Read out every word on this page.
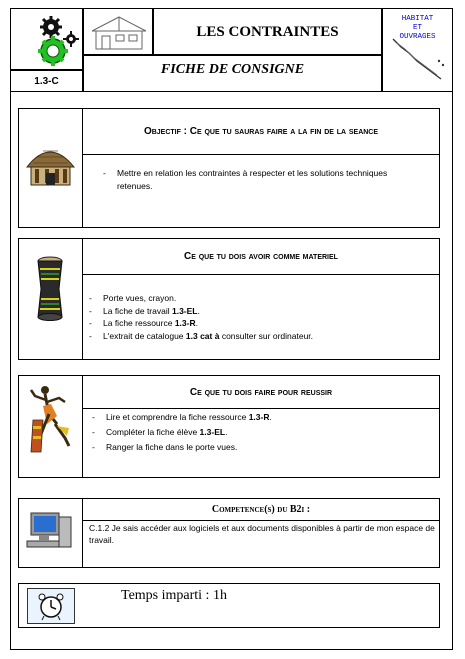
1.3-C
LES CONTRAINTES
HABITAT
ET
OUVRAGES
FICHE DE CONSIGNE
Objectif : Ce que tu sauras faire a la fin de la seance
-	Mettre en relation les contraintes à respecter et les solutions techniques retenues.
Ce que tu dois avoir comme materiel
-	Porte vues, crayon.
-	La fiche de travail 1.3-EL.
-	La fiche ressource 1.3-R.
-	L'extrait de catalogue 1.3 cat à consulter sur ordinateur.
Ce que tu dois faire pour reussir
-	Lire et comprendre la fiche ressource 1.3-R.
-	Compléter la fiche élève 1.3-EL.
-	Ranger la fiche dans le porte vues.
Competence(s) du B2i :
C.1.2 Je sais accéder aux logiciels et aux documents disponibles à partir de mon espace de travail.
Temps imparti : 1h
